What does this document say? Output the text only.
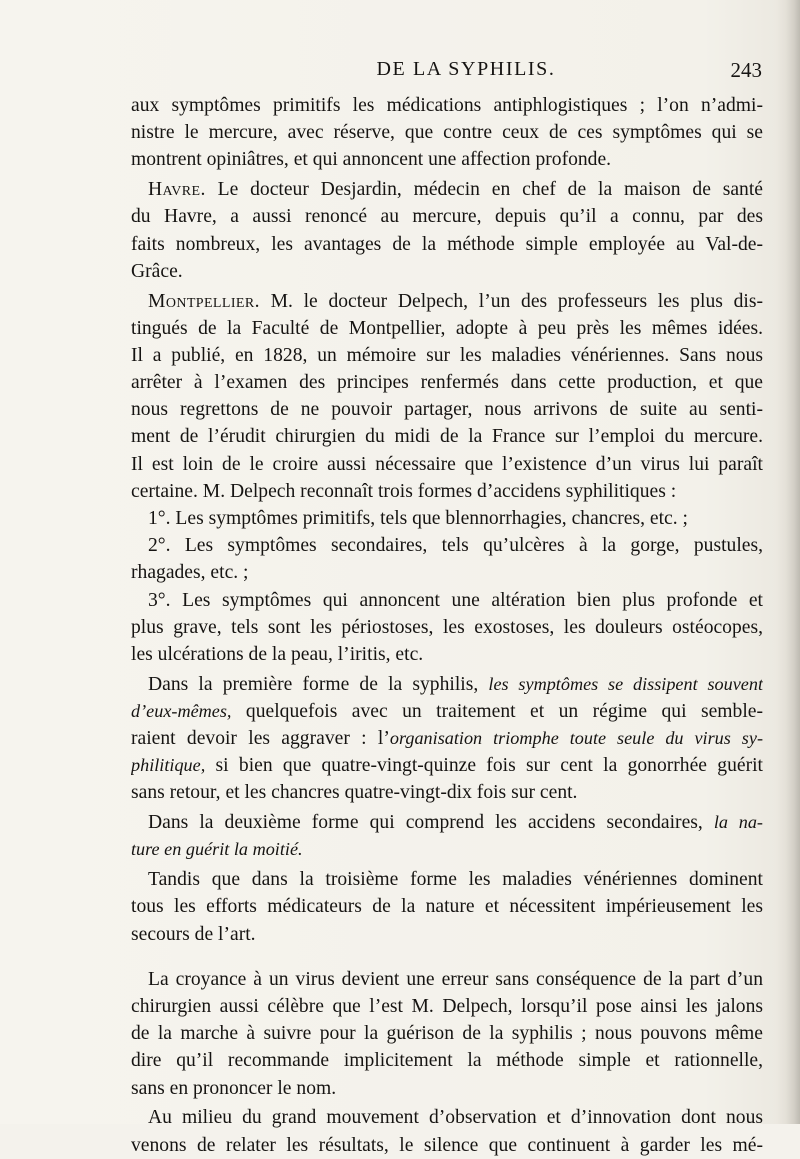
DE LA SYPHILIS.	243
aux symptômes primitifs les médications antiphlogistiques ; l’on n’admi-
nistre le mercure, avec réserve, que contre ceux de ces symptômes qui se
montrent opiniâtres, et qui annoncent une affection profonde.
Havre. Le docteur Desjardin, médecin en chef de la maison de santé
du Havre, a aussi renoncé au mercure, depuis qu’il a connu, par des
faits nombreux, les avantages de la méthode simple employée au Val-de-
Grâce.
Montpellier. M. le docteur Delpech, l’un des professeurs les plus dis-
tingués de la Faculté de Montpellier, adopte à peu près les mêmes idées.
Il a publié, en 1828, un mémoire sur les maladies vénériennes. Sans nous
arrêter à l’examen des principes renfermés dans cette production, et que
nous regrettons de ne pouvoir partager, nous arrivons de suite au senti-
ment de l’érudit chirurgien du midi de la France sur l’emploi du mercure.
Il est loin de le croire aussi nécessaire que l’existence d’un virus lui paraît
certaine. M. Delpech reconnaît trois formes d’accidens syphilitiques :
1°. Les symptômes primitifs, tels que blennorrhagies, chancres, etc. ;
2°. Les symptômes secondaires, tels qu’ulcères à la gorge, pustules,
rhagades, etc. ;
3°. Les symptômes qui annoncent une altération bien plus profonde et
plus grave, tels sont les périostoses, les exostoses, les douleurs ostéocopes,
les ulcérations de la peau, l’iritis, etc.
Dans la première forme de la syphilis, les symptômes se dissipent souvent
d’eux-mêmes, quelquefois avec un traitement et un régime qui semble-
raient devoir les aggraver : l’organisation triomphe toute seule du virus sy-
philitique, si bien que quatre-vingt-quinze fois sur cent la gonorrhée guérit
sans retour, et les chancres quatre-vingt-dix fois sur cent.
Dans la deuxième forme qui comprend les accidens secondaires, la na-
ture en guérit la moitié.
Tandis que dans la troisième forme les maladies vénériennes dominent
tous les efforts médicateurs de la nature et nécessitent impérieusement les
secours de l’art.
La croyance à un virus devient une erreur sans conséquence de la part d’un
chirurgien aussi célèbre que l’est M. Delpech, lorsqu’il pose ainsi les jalons
de la marche à suivre pour la guérison de la syphilis ; nous pouvons même
dire qu’il recommande implicitement la méthode simple et rationnelle,
sans en prononcer le nom.
Au milieu du grand mouvement d’observation et d’innovation dont nous
venons de relater les résultats, le silence que continuent à garder les mé-
